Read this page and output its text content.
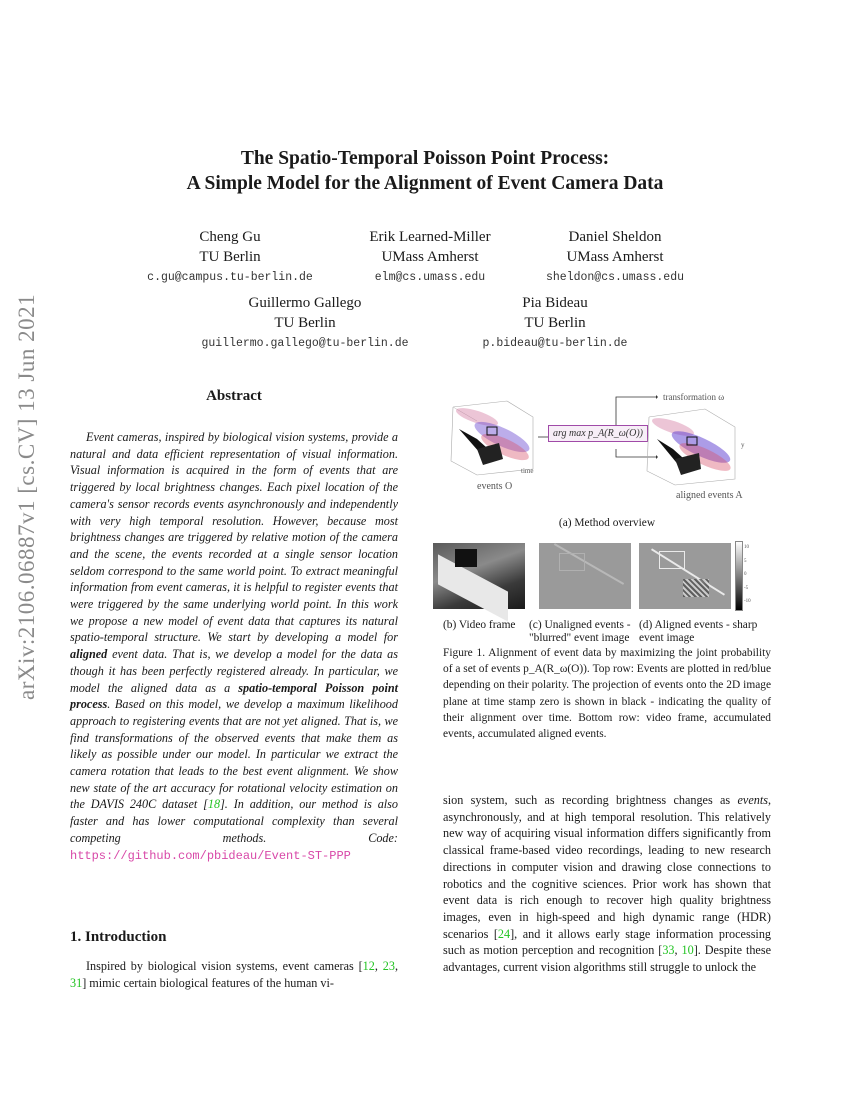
The Spatio-Temporal Poisson Point Process:
A Simple Model for the Alignment of Event Camera Data
Cheng Gu
TU Berlin
c.gu@campus.tu-berlin.de
Erik Learned-Miller
UMass Amherst
elm@cs.umass.edu
Daniel Sheldon
UMass Amherst
sheldon@cs.umass.edu
Guillermo Gallego
TU Berlin
guillermo.gallego@tu-berlin.de
Pia Bideau
TU Berlin
p.bideau@tu-berlin.de
arXiv:2106.06887v1 [cs.CV] 13 Jun 2021	Abstract

Event cameras, inspired by biological vision systems, provide a natural and data efficient representation of visual information. Visual information is acquired in the form of events that are triggered by local brightness changes. Each pixel location of the camera's sensor records events asynchronously and independently with very high temporal resolution. However, because most brightness changes are triggered by relative motion of the camera and the scene, the events recorded at a single sensor location seldom correspond to the same world point. To extract meaningful information from event cameras, it is helpful to register events that were triggered by the same underlying world point. In this work we propose a new model of event data that captures its natural spatio-temporal structure. We start by developing a model for aligned event data. That is, we develop a model for the data as though it has been perfectly registered already. In particular, we model the aligned data as a spatio-temporal Poisson point process. Based on this model, we develop a maximum likelihood approach to registering events that are not yet aligned. That is, we find transformations of the observed events that make them as likely as possible under our model. In particular we extract the camera rotation that leads to the best event alignment. We show new state of the art accuracy for rotational velocity estimation on the DAVIS 240C dataset [18]. In addition, our method is also faster and has lower computational complexity than several competing methods. Code: https://github.com/pbideau/Event-ST-PPP

1. Introduction

Inspired by biological vision systems, event cameras [12, 23, 31] mimic certain biological features of the human vi-

events O
time
arg max p_A(R_ω(O))
transformation ω
aligned events A
y
(a) Method overview
10
5
0
-5
-10
(b) Video frame	(c) Unaligned events - "blurred" event image
(d) Aligned events - sharp event image
Figure 1. Alignment of event data by maximizing the joint probability of a set of events p_A(R_ω(O)). Top row: Events are plotted in red/blue depending on their polarity. The projection of events onto the 2D image plane at time stamp zero is shown in black - indicating the quality of their alignment over time. Bottom row: video frame, accumulated events, accumulated aligned events.

sion system, such as recording brightness changes as events, asynchronously, and at high temporal resolution. This relatively new way of acquiring visual information differs significantly from classical frame-based video recordings, leading to new research directions in computer vision and drawing close connections to robotics and the cognitive sciences. Prior work has shown that event data is rich enough to recover high quality brightness images, even in high-speed and high dynamic range (HDR) scenarios [24], and it allows early stage information processing such as motion perception and recognition [33, 10]. Despite these advantages, current vision algorithms still struggle to unlock the
